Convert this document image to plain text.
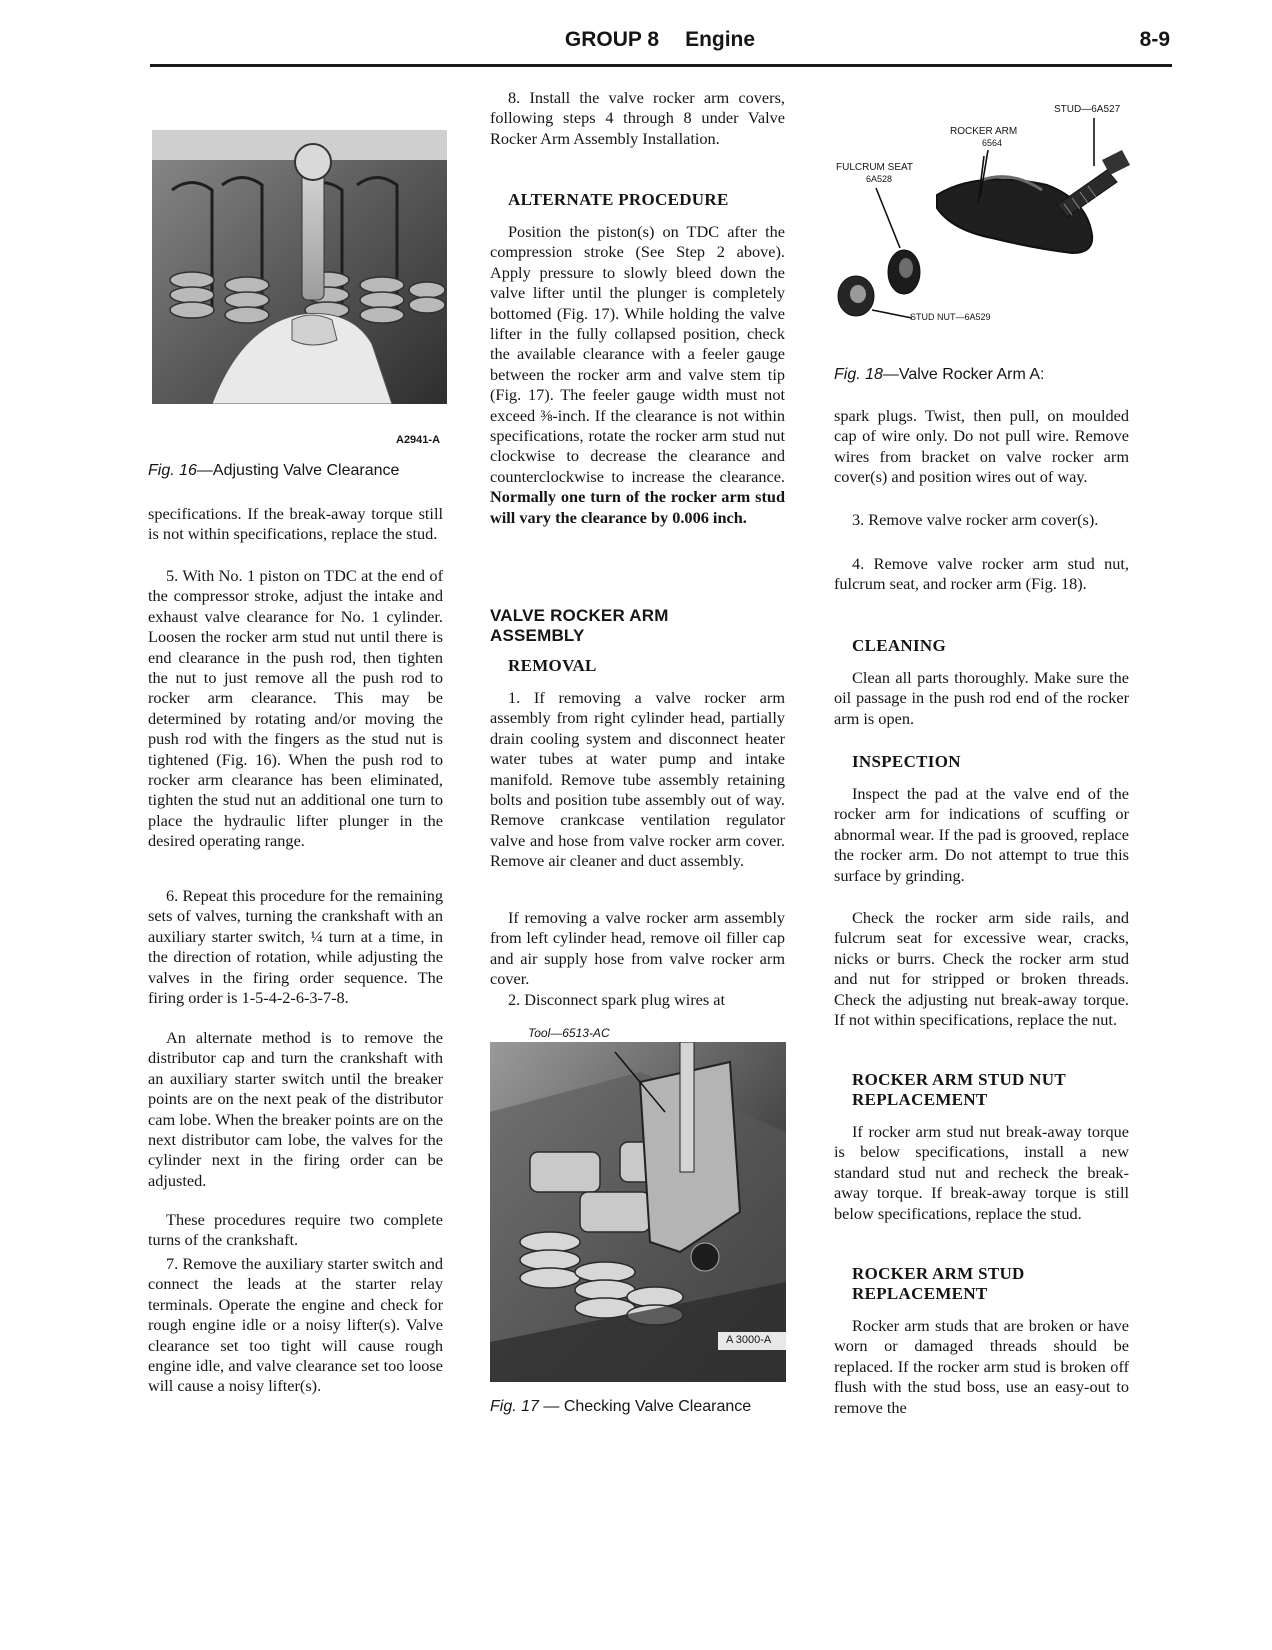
GROUP 8 Engine	8-9
A2941-A
Fig. 16—Adjusting Valve Clearance

specifications. If the break-away torque still is not within specifications, replace the stud.

5. With No. 1 piston on TDC at the end of the compressor stroke, adjust the intake and exhaust valve clearance for No. 1 cylinder. Loosen the rocker arm stud nut until there is end clearance in the push rod, then tighten the nut to just remove all the push rod to rocker arm clearance. This may be determined by rotating and/or moving the push rod with the fingers as the stud nut is tightened (Fig. 16). When the push rod to rocker arm clearance has been eliminated, tighten the stud nut an additional one turn to place the hydraulic lifter plunger in the desired operating range.

6. Repeat this procedure for the remaining sets of valves, turning the crankshaft with an auxiliary starter switch, ¼ turn at a time, in the direction of rotation, while adjusting the valves in the firing order sequence. The firing order is 1-5-4-2-6-3-7-8.

An alternate method is to remove the distributor cap and turn the crankshaft with an auxiliary starter switch until the breaker points are on the next peak of the distributor cam lobe. When the breaker points are on the next distributor cam lobe, the valves for the cylinder next in the firing order can be adjusted.

These procedures require two complete turns of the crankshaft.

7. Remove the auxiliary starter switch and connect the leads at the starter relay terminals. Operate the engine and check for rough engine idle or a noisy lifter(s). Valve clearance set too tight will cause rough engine idle, and valve clearance set too loose will cause a noisy lifter(s).

8. Install the valve rocker arm covers, following steps 4 through 8 under Valve Rocker Arm Assembly Installation.

ALTERNATE PROCEDURE

Position the piston(s) on TDC after the compression stroke (See Step 2 above). Apply pressure to slowly bleed down the valve lifter until the plunger is completely bottomed (Fig. 17). While holding the valve lifter in the fully collapsed position, check the available clearance with a feeler gauge between the rocker arm and valve stem tip (Fig. 17). The feeler gauge width must not exceed ⅜-inch. If the clearance is not within specifications, rotate the rocker arm stud nut clockwise to decrease the clearance and counterclockwise to increase the clearance. Normally one turn of the rocker arm stud will vary the clearance by 0.006 inch.

VALVE ROCKER ARM
ASSEMBLY
REMOVAL

1. If removing a valve rocker arm assembly from right cylinder head, partially drain cooling system and disconnect heater water tubes at water pump and intake manifold. Remove tube assembly retaining bolts and position tube assembly out of way. Remove crankcase ventilation regulator valve and hose from valve rocker arm cover. Remove air cleaner and duct assembly.

If removing a valve rocker arm assembly from left cylinder head, remove oil filler cap and air supply hose from valve rocker arm cover.

2. Disconnect spark plug wires at

Tool—6513-AC
A 3000-A
Fig. 17 — Checking Valve Clearance
STUD—6A527
ROCKER ARM
6564
FULCRUM SEAT
6A528
STUD NUT—6A529
Fig. 18—Valve Rocker Arm A:

spark plugs. Twist, then pull, on moulded cap of wire only. Do not pull wire. Remove wires from bracket on valve rocker arm cover(s) and position wires out of way.

3. Remove valve rocker arm cover(s).

4. Remove valve rocker arm stud nut, fulcrum seat, and rocker arm (Fig. 18).

CLEANING

Clean all parts thoroughly. Make sure the oil passage in the push rod end of the rocker arm is open.

INSPECTION

Inspect the pad at the valve end of the rocker arm for indications of scuffing or abnormal wear. If the pad is grooved, replace the rocker arm. Do not attempt to true this surface by grinding.

Check the rocker arm side rails, and fulcrum seat for excessive wear, cracks, nicks or burrs. Check the rocker arm stud and nut for stripped or broken threads. Check the adjusting nut break-away torque. If not within specifications, replace the nut.

ROCKER ARM STUD NUT
REPLACEMENT

If rocker arm stud nut break-away torque is below specifications, install a new standard stud nut and recheck the break-away torque. If break-away torque is still below specifications, replace the stud.

ROCKER ARM STUD
REPLACEMENT

Rocker arm studs that are broken or have worn or damaged threads should be replaced. If the rocker arm stud is broken off flush with the stud boss, use an easy-out to remove the
